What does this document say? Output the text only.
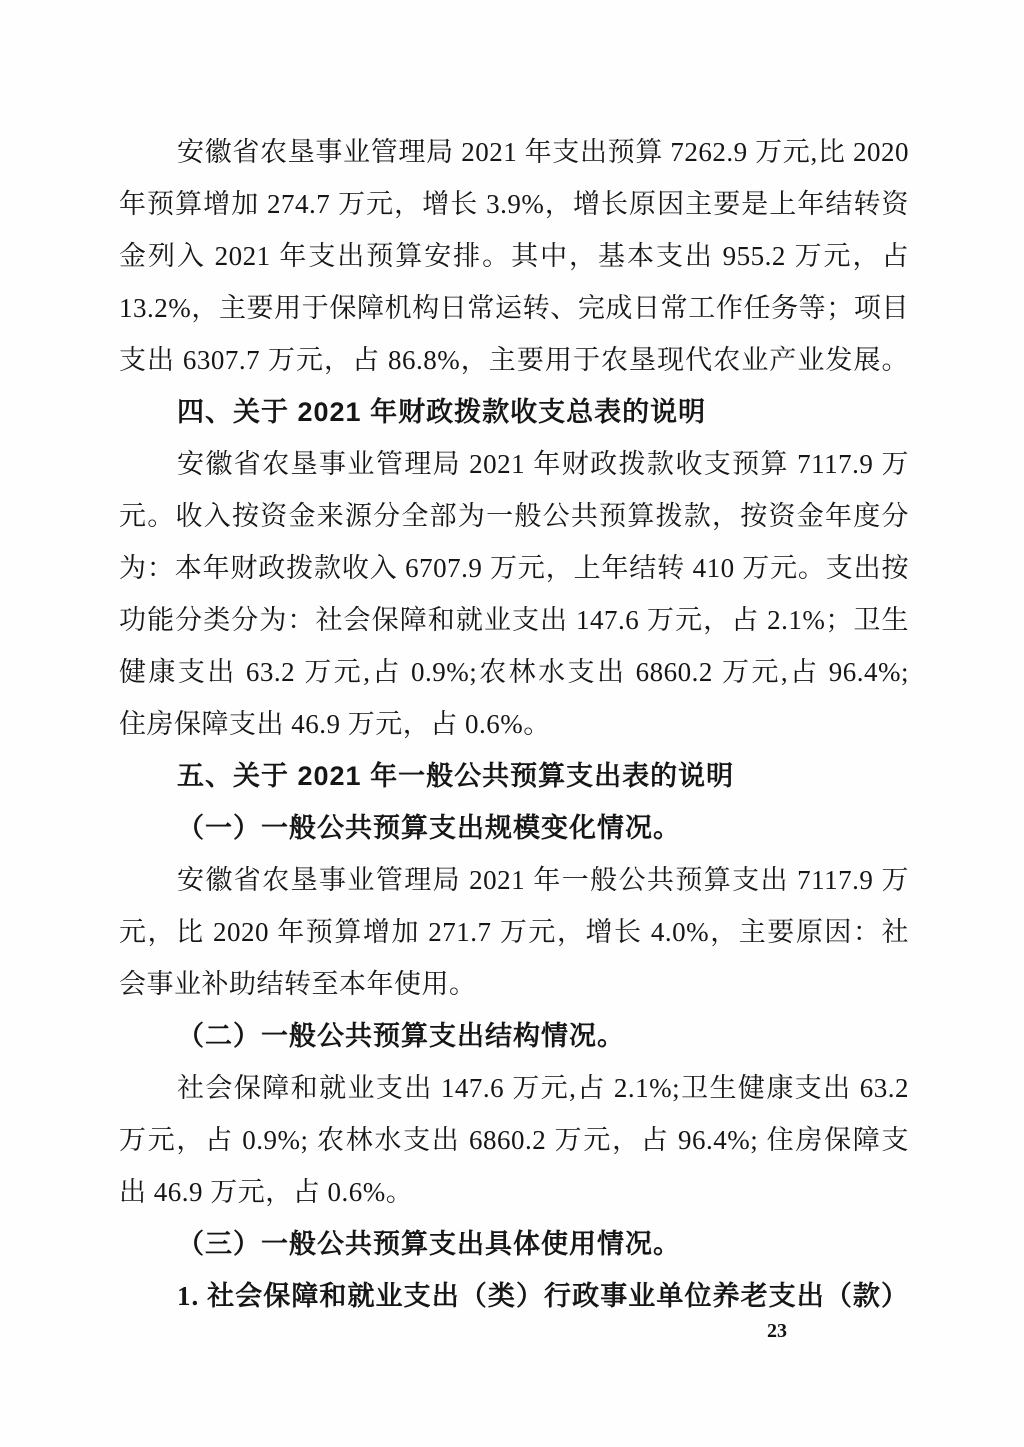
安徽省农垦事业管理局 2021 年支出预算 7262.9 万元,比 2020
年预算增加 274.7 万元，增长 3.9%，增长原因主要是上年结转资
金列入 2021 年支出预算安排。其中，基本支出 955.2 万元，占
13.2%，主要用于保障机构日常运转、完成日常工作任务等；项目
支出 6307.7 万元，占 86.8%，主要用于农垦现代农业产业发展。
四、关于 2021 年财政拨款收支总表的说明
安徽省农垦事业管理局 2021 年财政拨款收支预算 7117.9 万
元。收入按资金来源分全部为一般公共预算拨款，按资金年度分
为：本年财政拨款收入 6707.9 万元，上年结转 410 万元。支出按
功能分类分为：社会保障和就业支出 147.6 万元，占 2.1%；卫生
健康支出 63.2 万元,占 0.9%;农林水支出 6860.2 万元,占 96.4%;
住房保障支出 46.9 万元，占 0.6%。
五、关于 2021 年一般公共预算支出表的说明
（一）一般公共预算支出规模变化情况。
安徽省农垦事业管理局 2021 年一般公共预算支出 7117.9 万
元，比 2020 年预算增加 271.7 万元，增长 4.0%，主要原因：社
会事业补助结转至本年使用。
（二）一般公共预算支出结构情况。
社会保障和就业支出 147.6 万元,占 2.1%;卫生健康支出 63.2
万元，占 0.9%; 农林水支出 6860.2 万元，占 96.4%; 住房保障支
出 46.9 万元，占 0.6%。
（三）一般公共预算支出具体使用情况。
1. 社会保障和就业支出（类）行政事业单位养老支出（款）
23
